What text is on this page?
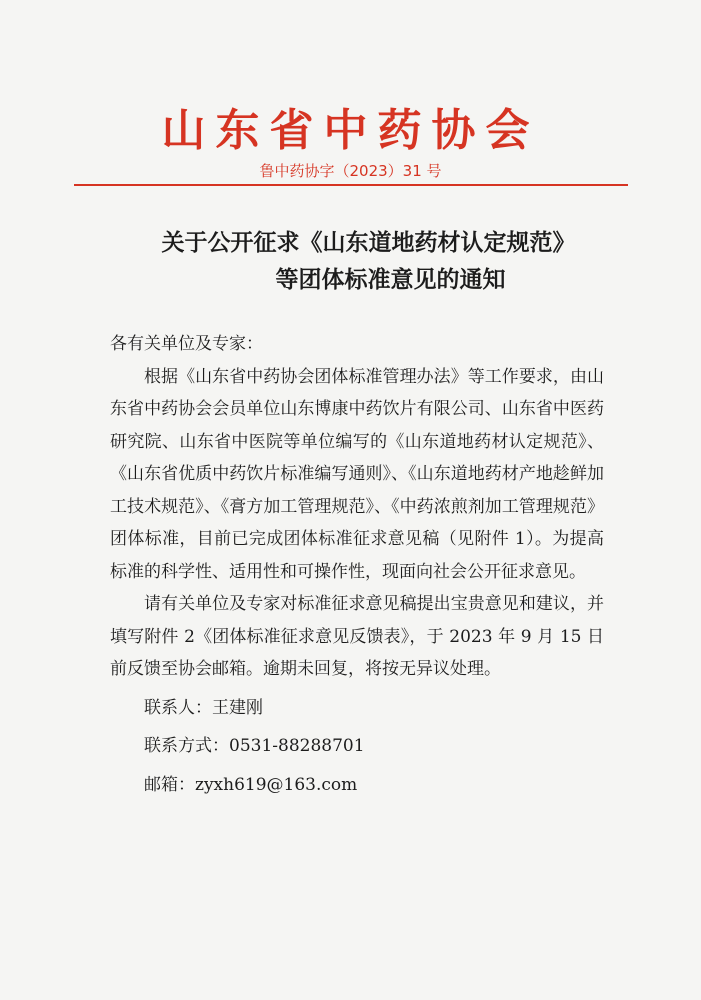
山东省中药协会
鲁中药协字（2023）31 号
关于公开征求《山东道地药材认定规范》
等团体标准意见的通知

各有关单位及专家：

根据《山东省中药协会团体标准管理办法》等工作要求，由山东省中药协会会员单位山东博康中药饮片有限公司、山东省中医药研究院、山东省中医院等单位编写的《山东道地药材认定规范》、《山东省优质中药饮片标准编写通则》、《山东道地药材产地趁鲜加工技术规范》、《膏方加工管理规范》、《中药浓煎剂加工管理规范》团体标准，目前已完成团体标准征求意见稿（见附件 1）。为提高标准的科学性、适用性和可操作性，现面向社会公开征求意见。

请有关单位及专家对标准征求意见稿提出宝贵意见和建议，并填写附件 2《团体标准征求意见反馈表》，于 2023 年 9 月 15 日前反馈至协会邮箱。逾期未回复，将按无异议处理。

联系人：王建刚

联系方式：0531-88288701

邮箱：zyxh619@163.com
